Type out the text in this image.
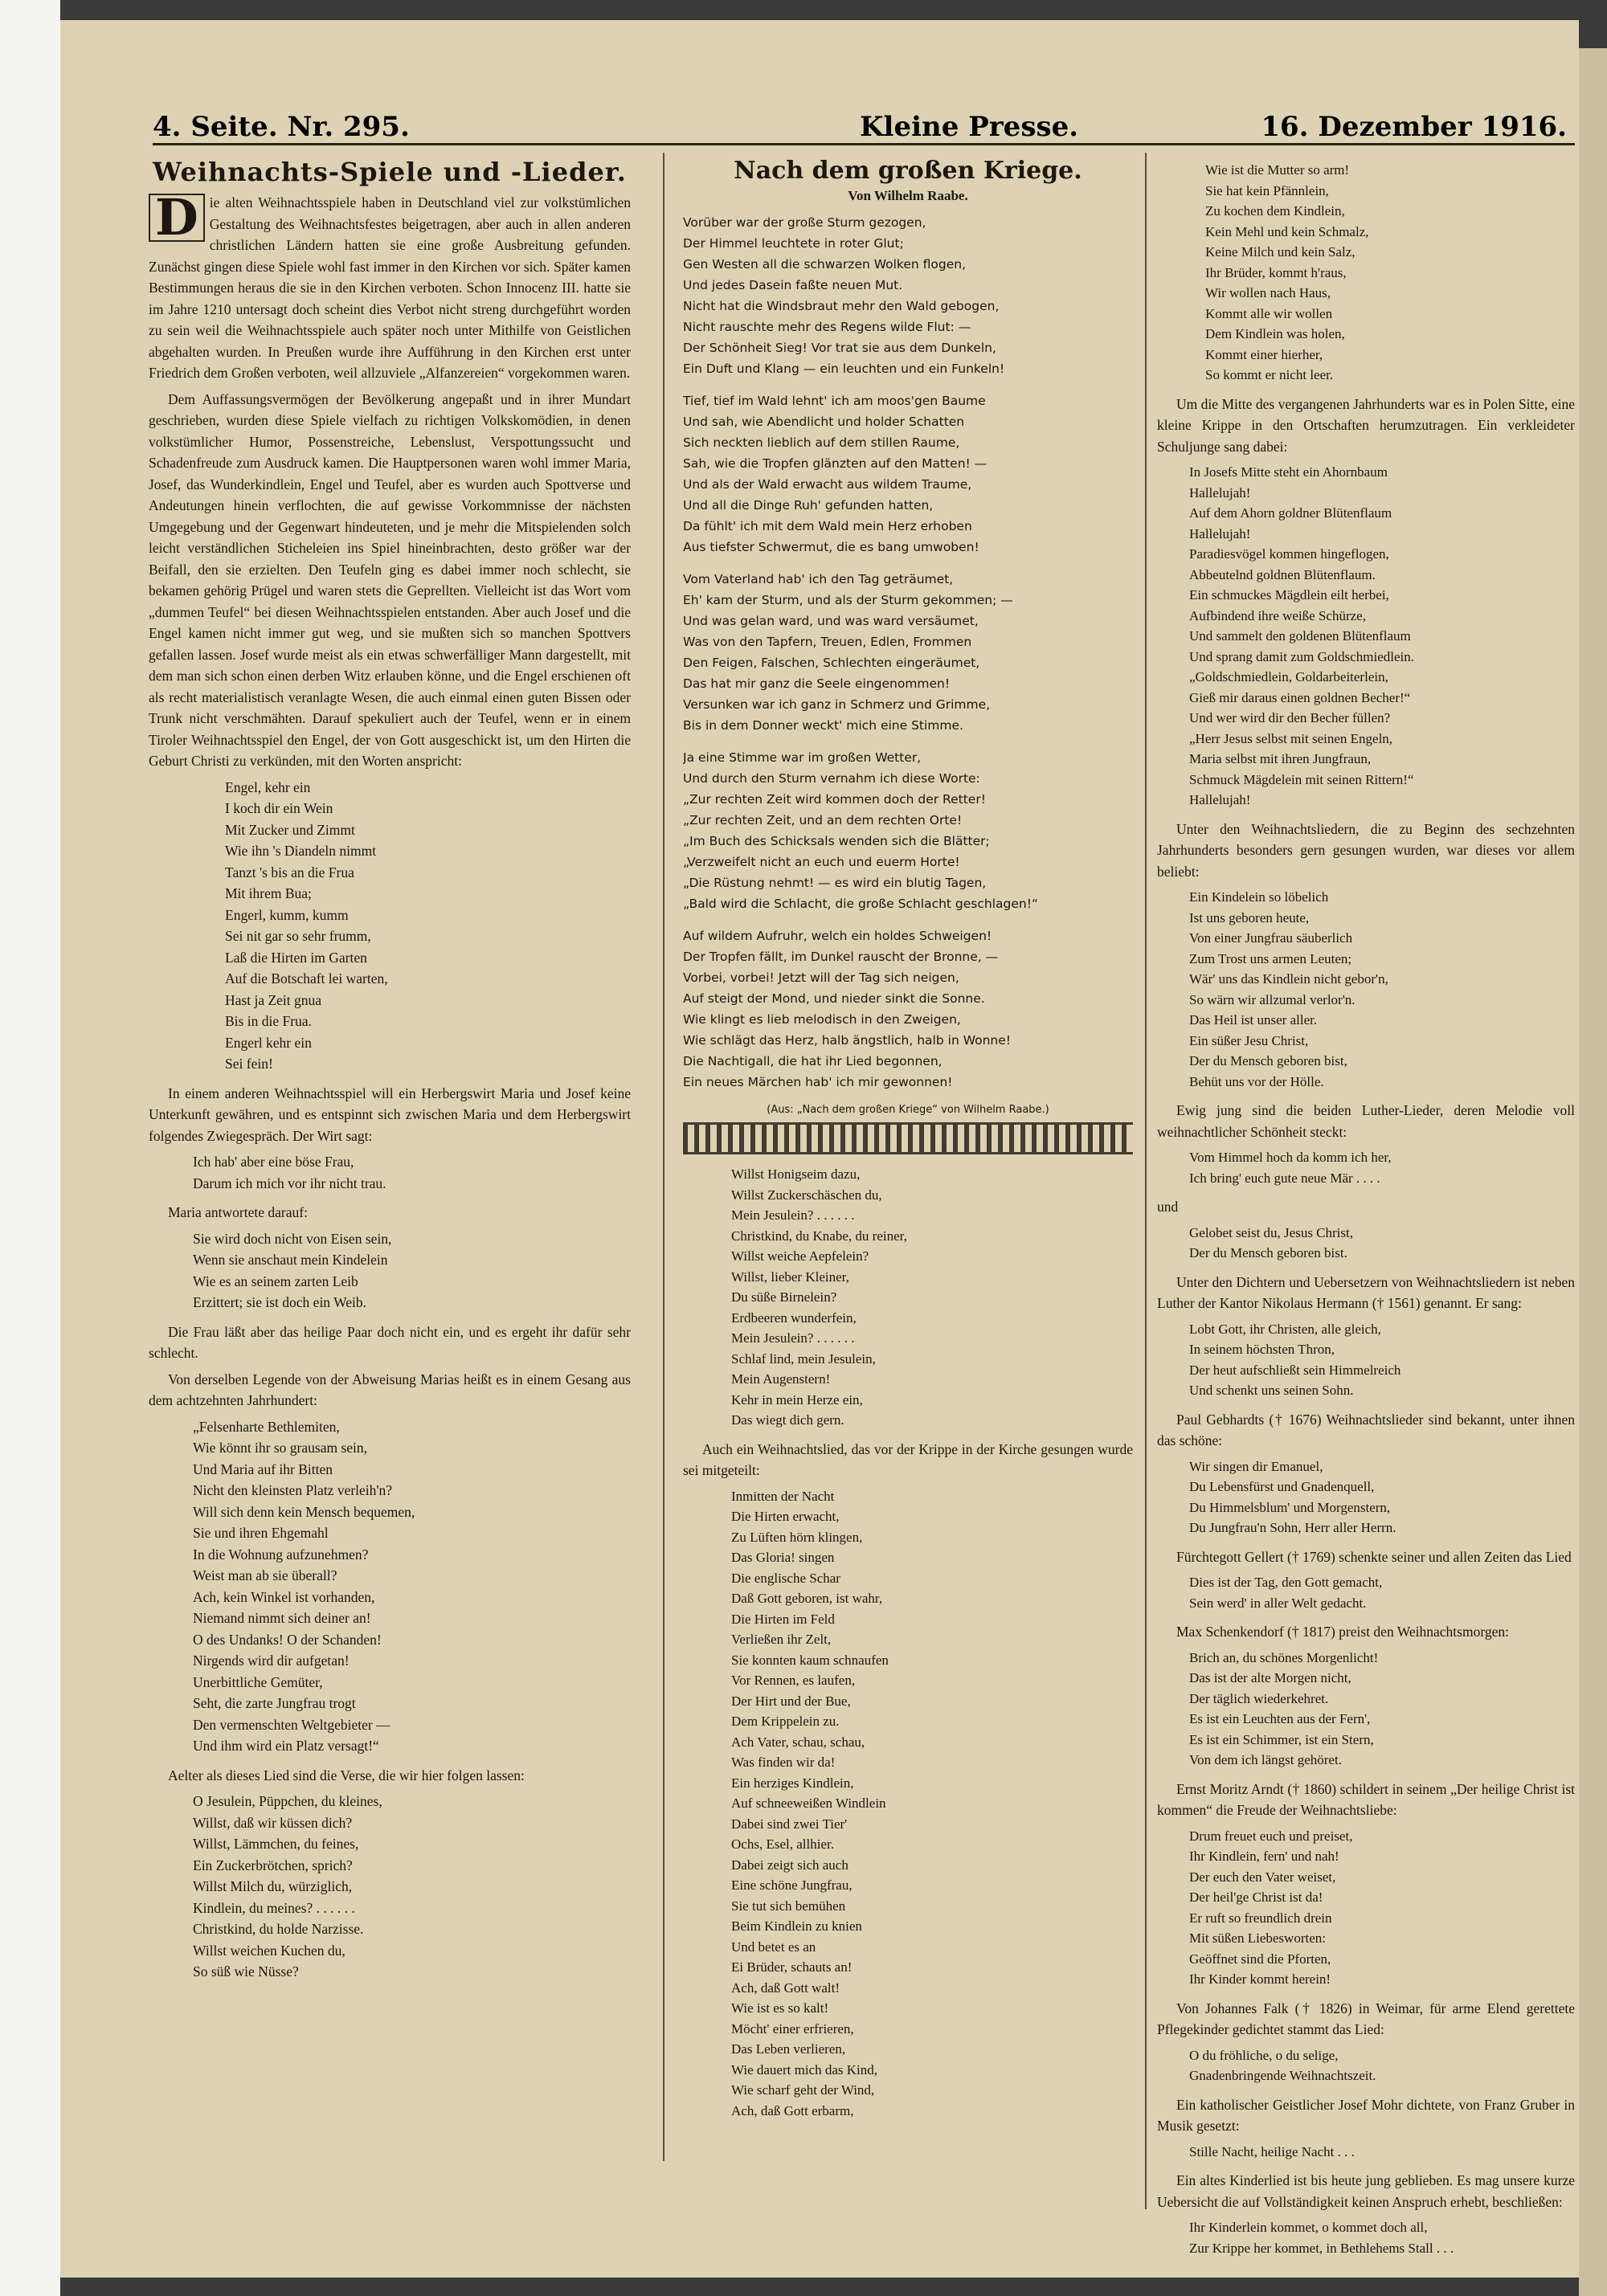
4. Seite. Nr. 295.	Kleine Presse.	16. Dezember 1916.
Weihnachts-Spiele und -Lieder.

D ie alten Weihnachtsspiele haben in Deutschland viel zur volkstümlichen Gestaltung des Weihnachtsfestes beigetragen, aber auch in allen anderen christlichen Ländern hatten sie eine große Ausbreitung gefunden. Zunächst gingen diese Spiele wohl fast immer in den Kirchen vor sich. Später kamen Bestimmungen heraus die sie in den Kirchen verboten. Schon Innocenz III. hatte sie im Jahre 1210 untersagt doch scheint dies Verbot nicht streng durchgeführt worden zu sein weil die Weihnachtsspiele auch später noch unter Mithilfe von Geistlichen abgehalten wurden. In Preußen wurde ihre Aufführung in den Kirchen erst unter Friedrich dem Großen verboten, weil allzuviele „Alfanzereien“ vorgekommen waren.

Dem Auffassungsvermögen der Bevölkerung angepaßt und in ihrer Mundart geschrieben, wurden diese Spiele vielfach zu richtigen Volkskomödien, in denen volkstümlicher Humor, Possenstreiche, Lebenslust, Verspottungssucht und Schadenfreude zum Ausdruck kamen. Die Hauptpersonen waren wohl immer Maria, Josef, das Wunderkindlein, Engel und Teufel, aber es wurden auch Spottverse und Andeutungen hinein verflochten, die auf gewisse Vorkommnisse der nächsten Umgegebung und der Gegenwart hindeuteten, und je mehr die Mitspielenden solch leicht verständlichen Sticheleien ins Spiel hineinbrachten, desto größer war der Beifall, den sie erzielten. Den Teufeln ging es dabei immer noch schlecht, sie bekamen gehörig Prügel und waren stets die Geprellten. Vielleicht ist das Wort vom „dummen Teufel“ bei diesen Weihnachtsspielen entstanden. Aber auch Josef und die Engel kamen nicht immer gut weg, und sie mußten sich so manchen Spottvers gefallen lassen. Josef wurde meist als ein etwas schwerfälliger Mann dargestellt, mit dem man sich schon einen derben Witz erlauben könne, und die Engel erschienen oft als recht materialistisch veranlagte Wesen, die auch einmal einen guten Bissen oder Trunk nicht verschmähten. Darauf spekuliert auch der Teufel, wenn er in einem Tiroler Weihnachtsspiel den Engel, der von Gott ausgeschickt ist, um den Hirten die Geburt Christi zu verkünden, mit den Worten anspricht:

Engel, kehr ein
I koch dir ein Wein
Mit Zucker und Zimmt
Wie ihn 's Diandeln nimmt
Tanzt 's bis an die Frua
Mit ihrem Bua;
Engerl, kumm, kumm
Sei nit gar so sehr frumm,
Laß die Hirten im Garten
Auf die Botschaft lei warten,
Hast ja Zeit gnua
Bis in die Frua.
Engerl kehr ein
Sei fein!

In einem anderen Weihnachtsspiel will ein Herbergswirt Maria und Josef keine Unterkunft gewähren, und es entspinnt sich zwischen Maria und dem Herbergswirt folgendes Zwiegespräch. Der Wirt sagt:

Ich hab' aber eine böse Frau,
Darum ich mich vor ihr nicht trau.

Maria antwortete darauf:

Sie wird doch nicht von Eisen sein,
Wenn sie anschaut mein Kindelein
Wie es an seinem zarten Leib
Erzittert; sie ist doch ein Weib.

Die Frau läßt aber das heilige Paar doch nicht ein, und es ergeht ihr dafür sehr schlecht.

Von derselben Legende von der Abweisung Marias heißt es in einem Gesang aus dem achtzehnten Jahrhundert:

„Felsenharte Bethlemiten,
Wie könnt ihr so grausam sein,
Und Maria auf ihr Bitten
Nicht den kleinsten Platz verleih'n?
Will sich denn kein Mensch bequemen,
Sie und ihren Ehgemahl
In die Wohnung aufzunehmen?
Weist man ab sie überall?
Ach, kein Winkel ist vorhanden,
Niemand nimmt sich deiner an!
O des Undanks! O der Schanden!
Nirgends wird dir aufgetan!
Unerbittliche Gemüter,
Seht, die zarte Jungfrau trogt
Den vermenschten Weltgebieter —
Und ihm wird ein Platz versagt!“

Aelter als dieses Lied sind die Verse, die wir hier folgen lassen:

O Jesulein, Püppchen, du kleines,
Willst, daß wir küssen dich?
Willst, Lämmchen, du feines,
Ein Zuckerbrötchen, sprich?
Willst Milch du, würziglich,
Kindlein, du meines? . . . . . .
Christkind, du holde Narzisse.
Willst weichen Kuchen du,
So süß wie Nüsse?
Nach dem großen Kriege.
Von Wilhelm Raabe.

Vorüber war der große Sturm gezogen,
Der Himmel leuchtete in roter Glut;
Gen Westen all die schwarzen Wolken flogen,
Und jedes Dasein faßte neuen Mut.
Nicht hat die Windsbraut mehr den Wald gebogen,
Nicht rauschte mehr des Regens wilde Flut: —
Der Schönheit Sieg! Vor trat sie aus dem Dunkeln,
Ein Duft und Klang — ein leuchten und ein Funkeln!

Tief, tief im Wald lehnt' ich am moos'gen Baume
Und sah, wie Abendlicht und holder Schatten
Sich neckten lieblich auf dem stillen Raume,
Sah, wie die Tropfen glänzten auf den Matten! —
Und als der Wald erwacht aus wildem Traume,
Und all die Dinge Ruh' gefunden hatten,
Da fühlt' ich mit dem Wald mein Herz erhoben
Aus tiefster Schwermut, die es bang umwoben!

Vom Vaterland hab' ich den Tag geträumet,
Eh' kam der Sturm, und als der Sturm gekommen; —
Und was gelan ward, und was ward versäumet,
Was von den Tapfern, Treuen, Edlen, Frommen
Den Feigen, Falschen, Schlechten eingeräumet,
Das hat mir ganz die Seele eingenommen!
Versunken war ich ganz in Schmerz und Grimme,
Bis in dem Donner weckt' mich eine Stimme.

Ja eine Stimme war im großen Wetter,
Und durch den Sturm vernahm ich diese Worte:
„Zur rechten Zeit wird kommen doch der Retter!
„Zur rechten Zeit, und an dem rechten Orte!
„Im Buch des Schicksals wenden sich die Blätter;
„Verzweifelt nicht an euch und euerm Horte!
„Die Rüstung nehmt! — es wird ein blutig Tagen,
„Bald wird die Schlacht, die große Schlacht geschlagen!“

Auf wildem Aufruhr, welch ein holdes Schweigen!
Der Tropfen fällt, im Dunkel rauscht der Bronne, —
Vorbei, vorbei! Jetzt will der Tag sich neigen,
Auf steigt der Mond, und nieder sinkt die Sonne.
Wie klingt es lieb melodisch in den Zweigen,
Wie schlägt das Herz, halb ängstlich, halb in Wonne!
Die Nachtigall, die hat ihr Lied begonnen,
Ein neues Märchen hab' ich mir gewonnen!

(Aus: „Nach dem großen Kriege“ von Wilhelm Raabe.)
Willst Honigseim dazu,
Willst Zuckerschäschen du,
Mein Jesulein? . . . . . .
Christkind, du Knabe, du reiner,
Willst weiche Aepfelein?
Willst, lieber Kleiner,
Du süße Birnelein?
Erdbeeren wunderfein,
Mein Jesulein? . . . . . .
Schlaf lind, mein Jesulein,
Mein Augenstern!
Kehr in mein Herze ein,
Das wiegt dich gern.

Auch ein Weihnachtslied, das vor der Krippe in der Kirche gesungen wurde sei mitgeteilt:

Inmitten der Nacht
Die Hirten erwacht,
Zu Lüften hörn klingen,
Das Gloria! singen
Die englische Schar
Daß Gott geboren, ist wahr,
Die Hirten im Feld
Verließen ihr Zelt,
Sie konnten kaum schnaufen
Vor Rennen, es laufen,
Der Hirt und der Bue,
Dem Krippelein zu.
Ach Vater, schau, schau,
Was finden wir da!
Ein herziges Kindlein,
Auf schneeweißen Windlein
Dabei sind zwei Tier'
Ochs, Esel, allhier.
Dabei zeigt sich auch
Eine schöne Jungfrau,
Sie tut sich bemühen
Beim Kindlein zu knien
Und betet es an
Ei Brüder, schauts an!
Ach, daß Gott walt!
Wie ist es so kalt!
Möcht' einer erfrieren,
Das Leben verlieren,
Wie dauert mich das Kind,
Wie scharf geht der Wind,
Ach, daß Gott erbarm,
Wie ist die Mutter so arm!
Sie hat kein Pfännlein,
Zu kochen dem Kindlein,
Kein Mehl und kein Schmalz,
Keine Milch und kein Salz,
Ihr Brüder, kommt h'raus,
Wir wollen nach Haus,
Kommt alle wir wollen
Dem Kindlein was holen,
Kommt einer hierher,
So kommt er nicht leer.

Um die Mitte des vergangenen Jahrhunderts war es in Polen Sitte, eine kleine Krippe in den Ortschaften herumzutragen. Ein verkleideter Schuljunge sang dabei:

In Josefs Mitte steht ein Ahornbaum
Hallelujah!
Auf dem Ahorn goldner Blütenflaum
Hallelujah!
Paradiesvögel kommen hingeflogen,
Abbeutelnd goldnen Blütenflaum.
Ein schmuckes Mägdlein eilt herbei,
Aufbindend ihre weiße Schürze,
Und sammelt den goldenen Blütenflaum
Und sprang damit zum Goldschmiedlein.
„Goldschmiedlein, Goldarbeiterlein,
Gieß mir daraus einen goldnen Becher!“
Und wer wird dir den Becher füllen?
„Herr Jesus selbst mit seinen Engeln,
Maria selbst mit ihren Jungfraun,
Schmuck Mägdelein mit seinen Rittern!“
Hallelujah!

Unter den Weihnachtsliedern, die zu Beginn des sechzehnten Jahrhunderts besonders gern gesungen wurden, war dieses vor allem beliebt:

Ein Kindelein so löbelich
Ist uns geboren heute,
Von einer Jungfrau säuberlich
Zum Trost uns armen Leuten;
Wär' uns das Kindlein nicht gebor'n,
So wärn wir allzumal verlor'n.
Das Heil ist unser aller.
Ein süßer Jesu Christ,
Der du Mensch geboren bist,
Behüt uns vor der Hölle.

Ewig jung sind die beiden Luther-Lieder, deren Melodie voll weihnachtlicher Schönheit steckt:

Vom Himmel hoch da komm ich her,
Ich bring' euch gute neue Mär . . . .

und

Gelobet seist du, Jesus Christ,
Der du Mensch geboren bist.

Unter den Dichtern und Uebersetzern von Weihnachtsliedern ist neben Luther der Kantor Nikolaus Hermann († 1561) genannt. Er sang:

Lobt Gott, ihr Christen, alle gleich,
In seinem höchsten Thron,
Der heut aufschließt sein Himmelreich
Und schenkt uns seinen Sohn.

Paul Gebhardts († 1676) Weihnachtslieder sind bekannt, unter ihnen das schöne:

Wir singen dir Emanuel,
Du Lebensfürst und Gnadenquell,
Du Himmelsblum' und Morgenstern,
Du Jungfrau'n Sohn, Herr aller Herrn.

Fürchtegott Gellert († 1769) schenkte seiner und allen Zeiten das Lied

Dies ist der Tag, den Gott gemacht,
Sein werd' in aller Welt gedacht.

Max Schenkendorf († 1817) preist den Weihnachtsmorgen:

Brich an, du schönes Morgenlicht!
Das ist der alte Morgen nicht,
Der täglich wiederkehret.
Es ist ein Leuchten aus der Fern',
Es ist ein Schimmer, ist ein Stern,
Von dem ich längst gehöret.

Ernst Moritz Arndt († 1860) schildert in seinem „Der heilige Christ ist kommen“ die Freude der Weihnachtsliebe:

Drum freuet euch und preiset,
Ihr Kindlein, fern' und nah!
Der euch den Vater weiset,
Der heil'ge Christ ist da!
Er ruft so freundlich drein
Mit süßen Liebesworten:
Geöffnet sind die Pforten,
Ihr Kinder kommt herein!

Von Johannes Falk († 1826) in Weimar, für arme Elend gerettete Pflegekinder gedichtet stammt das Lied:

O du fröhliche, o du selige,
Gnadenbringende Weihnachtszeit.

Ein katholischer Geistlicher Josef Mohr dichtete, von Franz Gruber in Musik gesetzt:

Stille Nacht, heilige Nacht . . .

Ein altes Kinderlied ist bis heute jung geblieben. Es mag unsere kurze Uebersicht die auf Vollständigkeit keinen Anspruch erhebt, beschließen:

Ihr Kinderlein kommet, o kommet doch all,
Zur Krippe her kommet, in Bethlehems Stall . . .
